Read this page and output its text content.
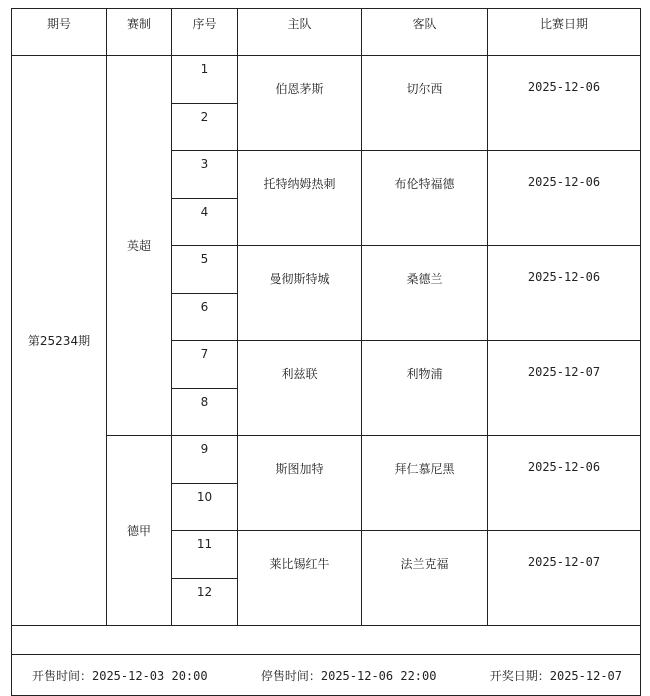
期号	赛制	序号	主队	客队	比赛日期
第25234期	英超	1	伯恩茅斯	切尔西	2025-12-06
		2			
		3	托特纳姆热刺	布伦特福德	2025-12-06
		4			
		5	曼彻斯特城	桑德兰	2025-12-06
		6			
		7	利兹联	利物浦	2025-12-07
		8			
	德甲	9	斯图加特	拜仁慕尼黑	2025-12-06
		10			
		11	莱比锡红牛	法兰克福	2025-12-07
		12			

开售时间：2025-12-03 20:00 停售时间：2025-12-06 22:00 开奖日期：2025-12-07					
